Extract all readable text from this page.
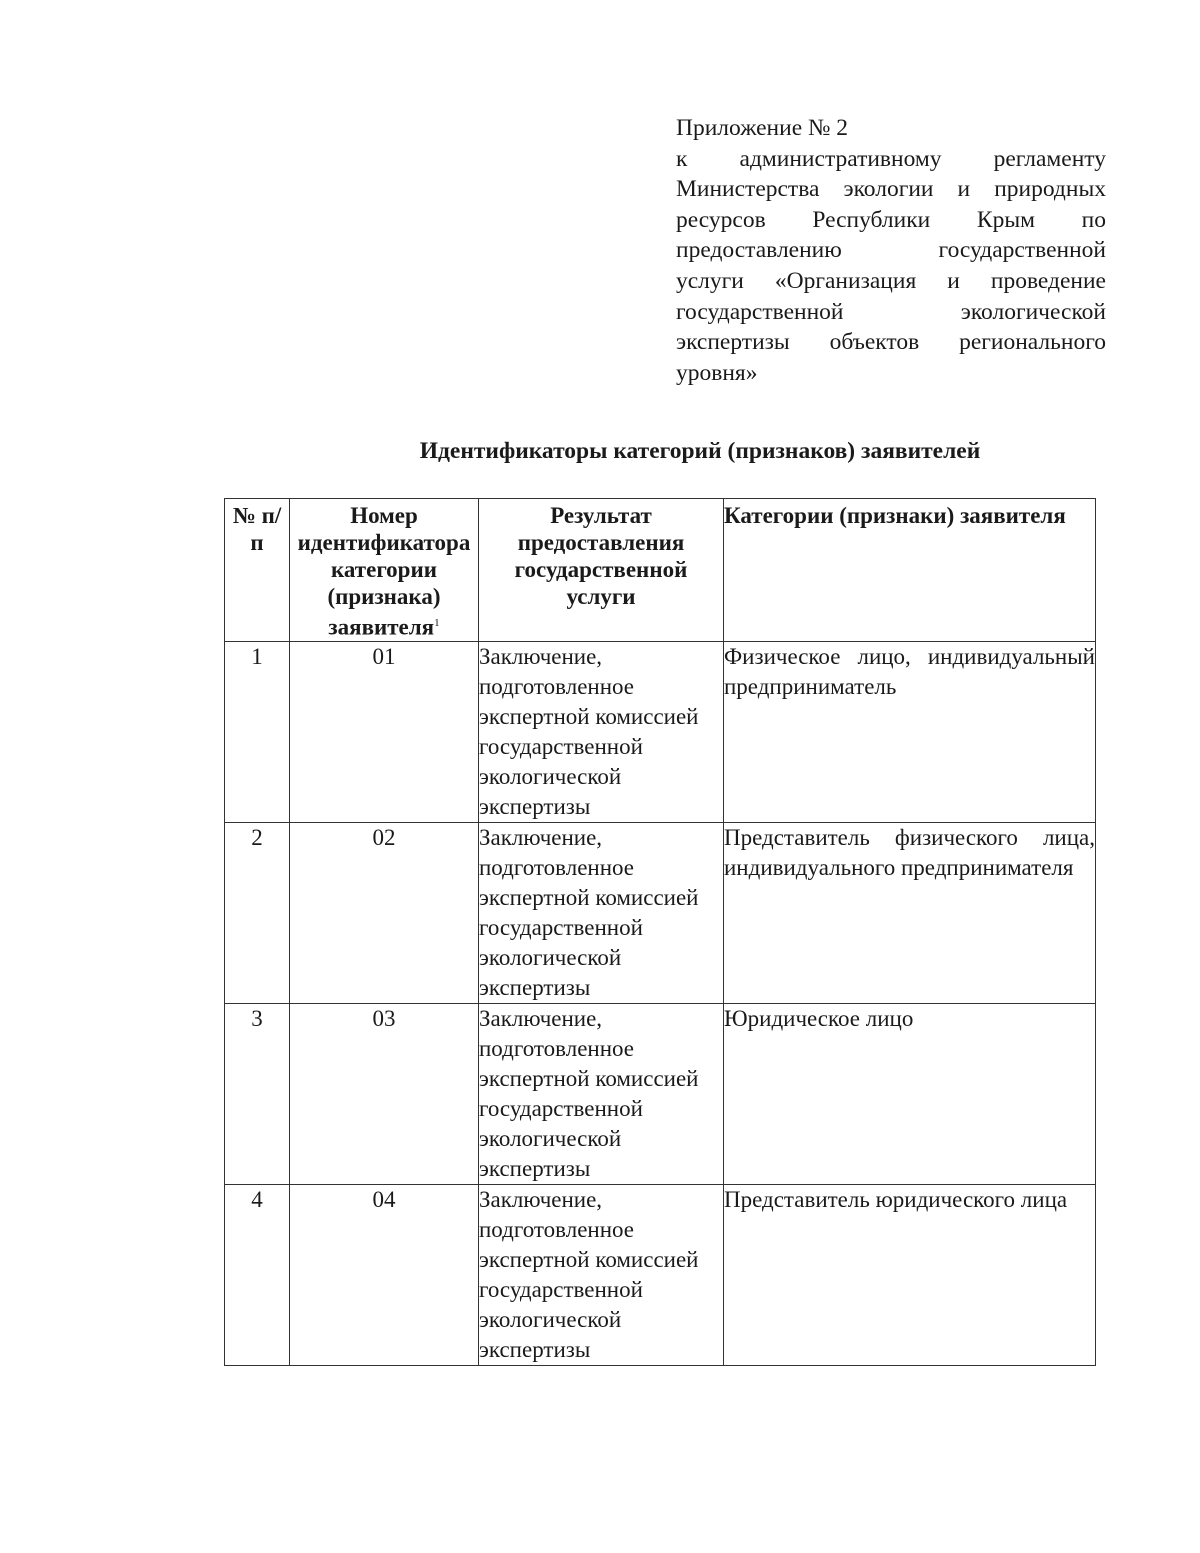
Приложение № 2
к административному регламенту
Министерства экологии и природных
ресурсов Республики Крым по
предоставлению государственной
услуги «Организация и проведение
государственной экологической
экспертизы объектов регионального
уровня»
Идентификаторы категорий (признаков) заявителей
№ п/ п	Номер идентификатора категории (признака) заявителя$^1$	Результат предоставления государственной услуги	Категории (признаки) заявителя
1	01	Заключение, подготовленное экспертной комиссией государственной экологической экспертизы	Физическое лицо, индивидуальный предприниматель
2	02	Заключение, подготовленное экспертной комиссией государственной экологической экспертизы	Представитель физического лица, индивидуального предпринимателя
3	03	Заключение, подготовленное экспертной комиссией государственной экологической экспертизы	Юридическое лицо
4	04	Заключение, подготовленное экспертной комиссией государственной экологической экспертизы	Представитель юридического лица
